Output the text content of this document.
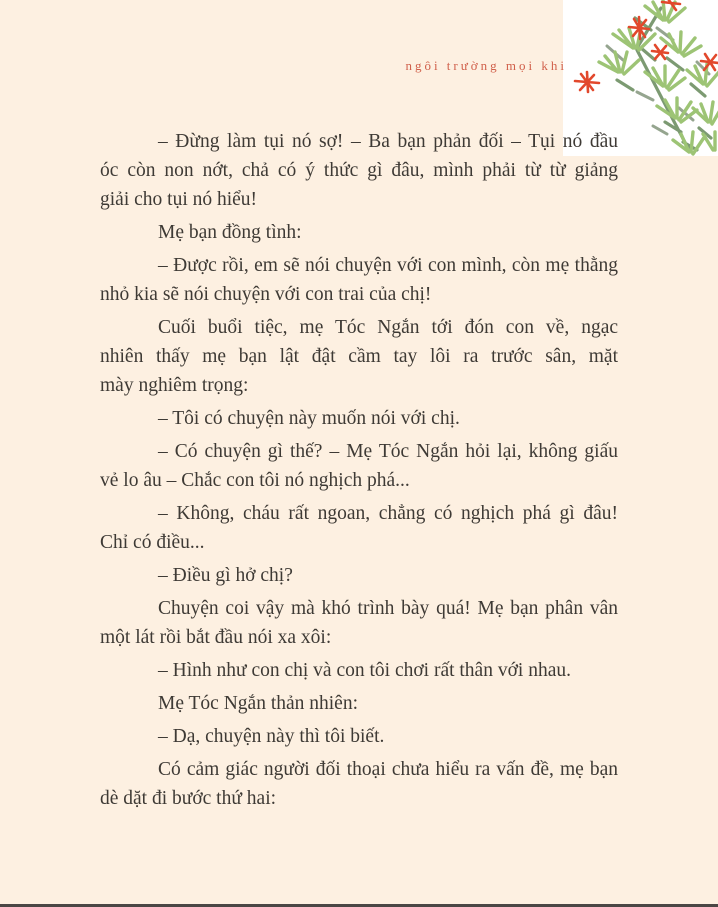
ngôi trường mọi khi
– Đừng làm tụi nó sợ! – Ba bạn phản đối – Tụi nó đầu
óc còn non nớt, chả có ý thức gì đâu, mình phải từ từ giảng
giải cho tụi nó hiểu!
Mẹ bạn đồng tình:
– Được rồi, em sẽ nói chuyện với con mình, còn mẹ thằng
nhỏ kia sẽ nói chuyện với con trai của chị!
Cuối buổi tiệc, mẹ Tóc Ngắn tới đón con về, ngạc
nhiên thấy mẹ bạn lật đật cầm tay lôi ra trước sân, mặt
mày nghiêm trọng:
– Tôi có chuyện này muốn nói với chị.
– Có chuyện gì thế? – Mẹ Tóc Ngắn hỏi lại, không giấu
vẻ lo âu – Chắc con tôi nó nghịch phá...
– Không, cháu rất ngoan, chẳng có nghịch phá gì đâu!
Chỉ có điều...
– Điều gì hở chị?
Chuyện coi vậy mà khó trình bày quá! Mẹ bạn phân vân
một lát rồi bắt đầu nói xa xôi:
– Hình như con chị và con tôi chơi rất thân với nhau.
Mẹ Tóc Ngắn thản nhiên:
– Dạ, chuyện này thì tôi biết.
Có cảm giác người đối thoại chưa hiểu ra vấn đề, mẹ bạn
dè dặt đi bước thứ hai:
